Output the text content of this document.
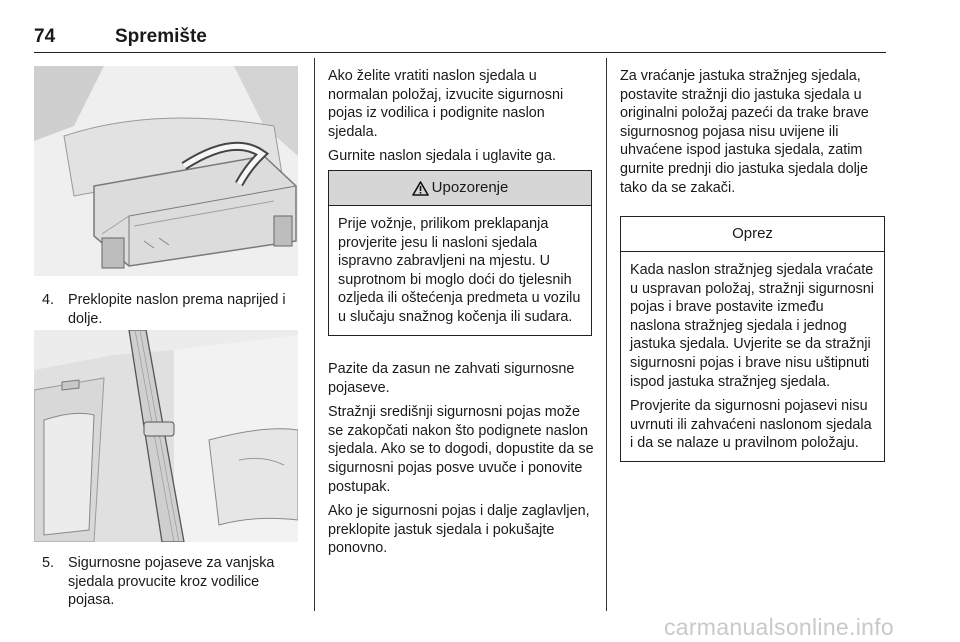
74	Spremište
4. Preklopite naslon prema naprijed i dolje.
5. Sigurnosne pojaseve za vanjska sjedala provucite kroz vodilice pojasa.

Ako želite vratiti naslon sjedala u normalan položaj, izvucite sigurnosni pojas iz vodilica i podignite naslon sjedala.

Gurnite naslon sjedala i uglavite ga.

Upozorenje

Prije vožnje, prilikom preklapanja provjerite jesu li nasloni sjedala ispravno zabravljeni na mjestu. U suprotnom bi moglo doći do tjelesnih ozljeda ili oštećenja predmeta u vozilu u slučaju snažnog kočenja ili sudara.

Pazite da zasun ne zahvati sigurnosne pojaseve.

Stražnji središnji sigurnosni pojas može se zakopčati nakon što podignete naslon sjedala. Ako se to dogodi, dopustite da se sigurnosni pojas posve uvuče i ponovite postupak.

Ako je sigurnosni pojas i dalje zaglavljen, preklopite jastuk sjedala i pokušajte ponovno.

Za vraćanje jastuka stražnjeg sjedala, postavite stražnji dio jastuka sjedala u originalni položaj pazeći da trake brave sigurnosnog pojasa nisu uvijene ili uhvaćene ispod jastuka sjedala, zatim gurnite prednji dio jastuka sjedala dolje tako da se zakači.

Oprez

Kada naslon stražnjeg sjedala vraćate u uspravan položaj, stražnji sigurnosni pojas i brave postavite između naslona stražnjeg sjedala i jednog jastuka sjedala. Uvjerite se da stražnji sigurnosni pojas i brave nisu uštipnuti ispod jastuka stražnjeg sjedala.

Provjerite da sigurnosni pojasevi nisu uvrnuti ili zahvaćeni naslonom sjedala i da se nalaze u pravilnom položaju.

carmanualsonline.info
